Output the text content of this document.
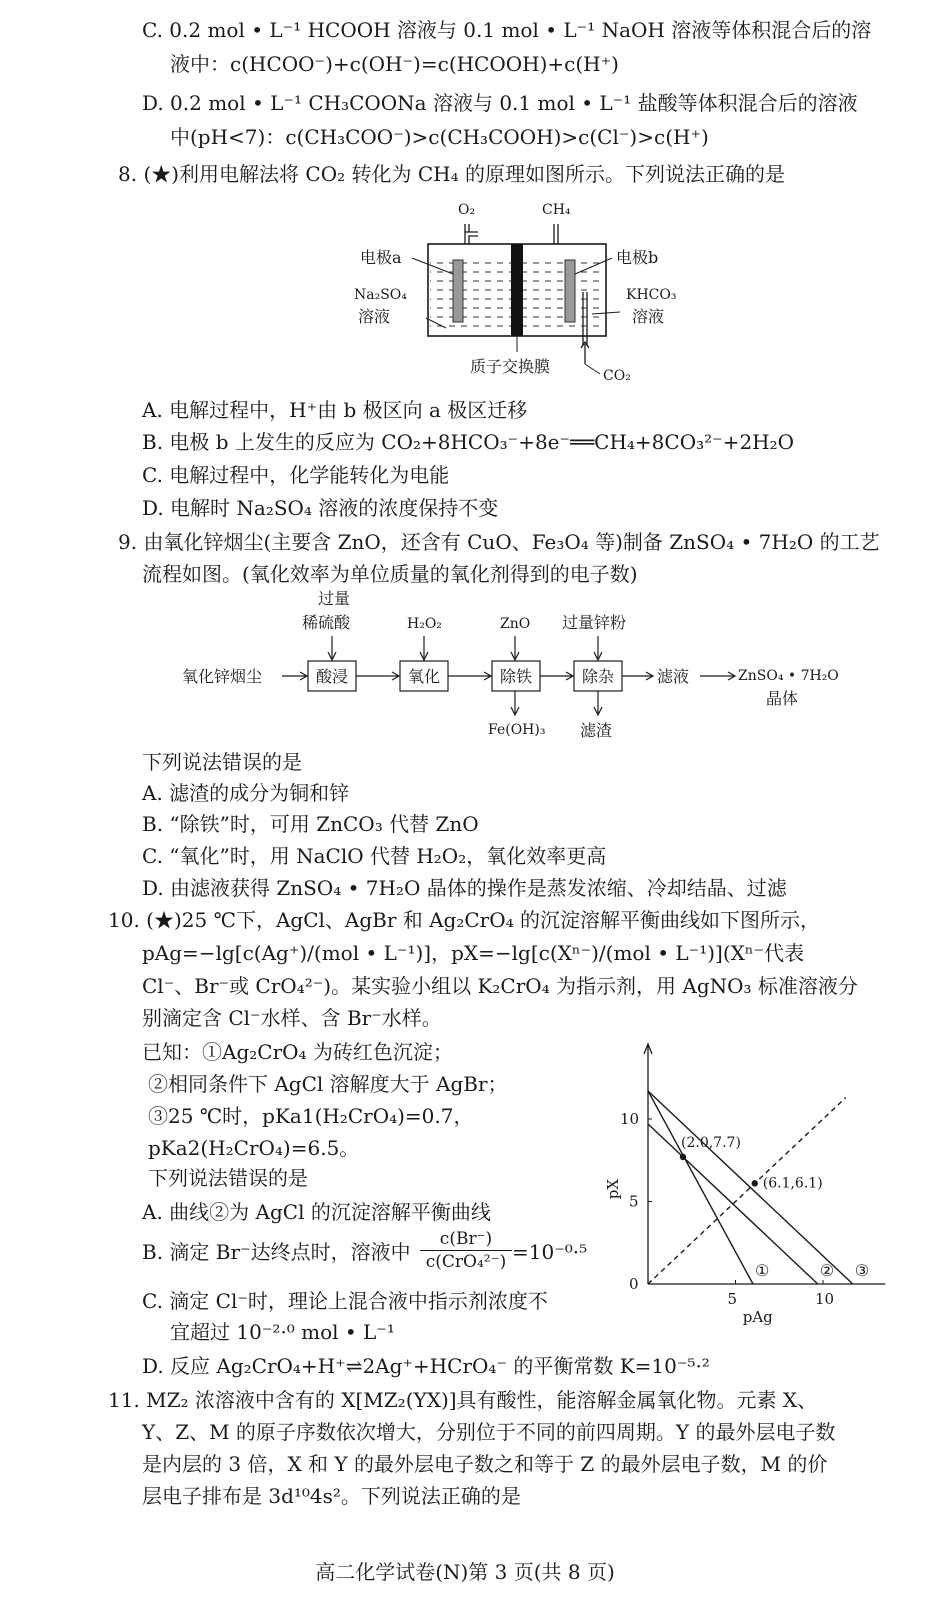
C. 0.2 mol • L⁻¹ HCOOH 溶液与 0.1 mol • L⁻¹ NaOH 溶液等体积混合后的溶
液中：c(HCOO⁻)+c(OH⁻)=c(HCOOH)+c(H⁺)
D. 0.2 mol • L⁻¹ CH₃COONa 溶液与 0.1 mol • L⁻¹ 盐酸等体积混合后的溶液
中(pH<7)：c(CH₃COO⁻)>c(CH₃COOH)>c(Cl⁻)>c(H⁺)
8. (★)利用电解法将 CO₂ 转化为 CH₄ 的原理如图所示。下列说法正确的是
O₂	CH₄
电极a	电极b
Na₂SO₄
溶液
KHCO₃
溶液
质子交换膜	CO₂
A. 电解过程中，H⁺由 b 极区向 a 极区迁移
B. 电极 b 上发生的反应为 CO₂+8HCO₃⁻+8e⁻══CH₄+8CO₃²⁻+2H₂O
C. 电解过程中，化学能转化为电能
D. 电解时 Na₂SO₄ 溶液的浓度保持不变
9. 由氧化锌烟尘(主要含 ZnO，还含有 CuO、Fe₃O₄ 等)制备 ZnSO₄ • 7H₂O 的工艺
流程如图。(氧化效率为单位质量的氧化剂得到的电子数)
过量
稀硫酸	H₂O₂	ZnO 过量锌粉
氧化锌烟尘	酸浸	氧化	除铁	除杂	滤液	ZnSO₄ • 7H₂O
晶体
Fe(OH)₃ 滤渣
下列说法错误的是
A. 滤渣的成分为铜和锌
B. “除铁”时，可用 ZnCO₃ 代替 ZnO
C. “氧化”时，用 NaClO 代替 H₂O₂，氧化效率更高
D. 由滤液获得 ZnSO₄ • 7H₂O 晶体的操作是蒸发浓缩、冷却结晶、过滤
10. (★)25 ℃下，AgCl、AgBr 和 Ag₂CrO₄ 的沉淀溶解平衡曲线如下图所示，
pAg=−lg[c(Ag⁺)/(mol • L⁻¹)]，pX=−lg[c(Xⁿ⁻)/(mol • L⁻¹)](Xⁿ⁻代表
Cl⁻、Br⁻或 CrO₄²⁻)。某实验小组以 K₂CrO₄ 为指示剂，用 AgNO₃ 标准溶液分
别滴定含 Cl⁻水样、含 Br⁻水样。
已知：①Ag₂CrO₄ 为砖红色沉淀；
②相同条件下 AgCl 溶解度大于 AgBr；
③25 ℃时，pKa1(H₂CrO₄)=0.7，
pKa2(H₂CrO₄)=6.5。
下列说法错误的是
A. 曲线②为 AgCl 的沉淀溶解平衡曲线
B. 滴定 Br⁻达终点时，溶液中
c(Br⁻)
c(CrO₄²⁻) =10⁻⁰·⁵
C. 滴定 Cl⁻时，理论上混合液中指示剂浓度不
宜超过 10⁻²·⁰ mol • L⁻¹
D. 反应 Ag₂CrO₄+H⁺⇌2Ag⁺+HCrO₄⁻ 的平衡常数 K=10⁻⁵·²
5	10
0
5
10
pAg
pX
①	② ③
(2.0,7.7)
(6.1,6.1)
11. MZ₂ 浓溶液中含有的 X[MZ₂(YX)]具有酸性，能溶解金属氧化物。元素 X、
Y、Z、M 的原子序数依次增大，分别位于不同的前四周期。Y 的最外层电子数
是内层的 3 倍，X 和 Y 的最外层电子数之和等于 Z 的最外层电子数，M 的价
层电子排布是 3d¹⁰4s²。下列说法正确的是
高二化学试卷(N)第 3 页(共 8 页)
